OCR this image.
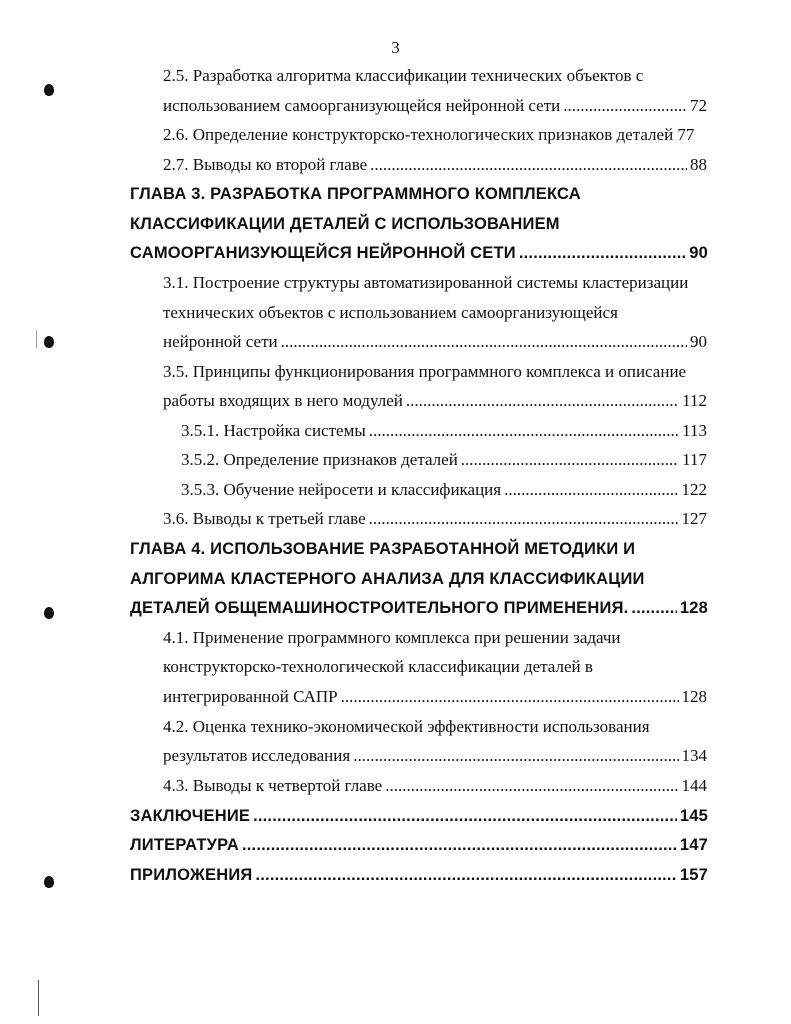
3
2.5. Разработка алгоритма классификации технических объектов с
использованием самоорганизующейся нейронной сети .....	72
2.6. Определение конструкторско-технологических признаков деталей 77
2.7. Выводы ко второй главе .....	88
ГЛАВА 3. РАЗРАБОТКА ПРОГРАММНОГО КОМПЛЕКСА
КЛАССИФИКАЦИИ ДЕТАЛЕЙ С ИСПОЛЬЗОВАНИЕМ
САМООРГАНИЗУЮЩЕЙСЯ НЕЙРОННОЙ СЕТИ .....	90
3.1. Построение структуры автоматизированной системы кластеризации
технических объектов с использованием самоорганизующейся
нейронной сети .....	90
3.5. Принципы функционирования программного комплекса и описание
работы входящих в него модулей .....	112
3.5.1. Настройка системы .....	113
3.5.2. Определение признаков деталей .....	117
3.5.3. Обучение нейросети и классификация .....	122
3.6. Выводы к третьей главе .....	127
ГЛАВА 4. ИСПОЛЬЗОВАНИЕ РАЗРАБОТАННОЙ МЕТОДИКИ И
АЛГОРИМА КЛАСТЕРНОГО АНАЛИЗА ДЛЯ КЛАССИФИКАЦИИ
ДЕТАЛЕЙ ОБЩЕМАШИНОСТРОИТЕЛЬНОГО ПРИМЕНЕНИЯ. .....	128
4.1. Применение программного комплекса при решении задачи
конструкторско-технологической классификации деталей в
интегрированной САПР .....	128
4.2. Оценка технико-экономической эффективности использования
результатов исследования .....	134
4.3. Выводы к четвертой главе .....	144
ЗАКЛЮЧЕНИЕ .....	145
ЛИТЕРАТУРА .....	147
ПРИЛОЖЕНИЯ .....	157
